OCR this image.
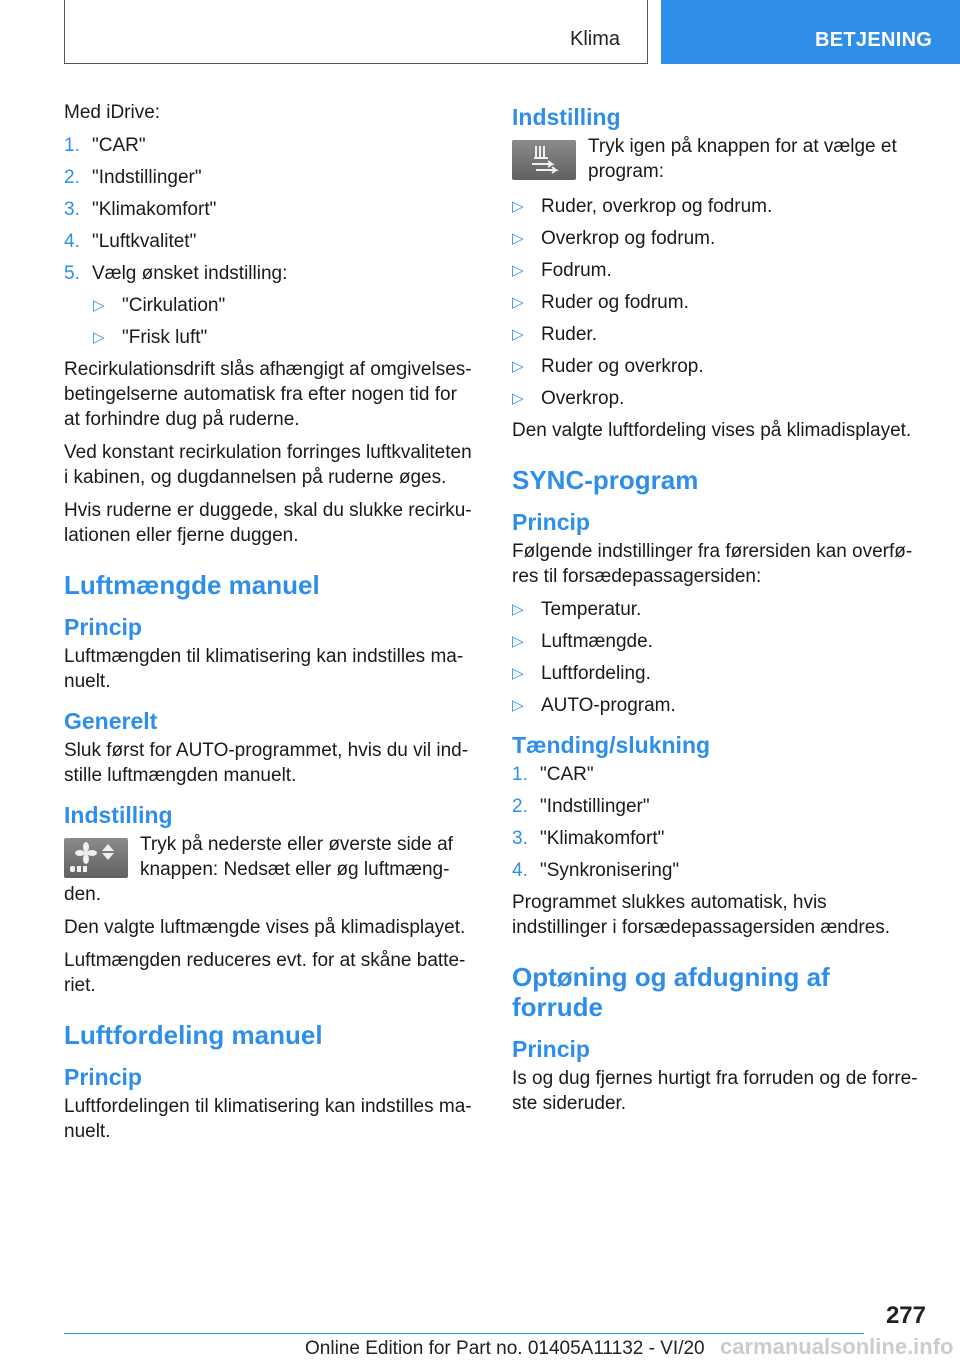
Klima	BETJENING

Med iDrive:

1. "CAR"
2. "Indstillinger"
3. "Klimakomfort"
4. "Luftkvalitet"
5. Vælg ønsket indstilling:
▷ "Cirkulation"
▷ "Frisk luft"

Recirkulationsdrift slås afhængigt af omgivelses-betingelserne automatisk fra efter nogen tid for at forhindre dug på ruderne.

Ved konstant recirkulation forringes luftkvaliteten i kabinen, og dugdannelsen på ruderne øges.

Hvis ruderne er duggede, skal du slukke recirku-lationen eller fjerne duggen.

Luftmængde manuel
Princip

Luftmængden til klimatisering kan indstilles ma-nuelt.

Generelt

Sluk først for AUTO-programmet, hvis du vil ind-stille luftmængden manuelt.

Indstilling
Tryk på nederste eller øverste side af knappen: Nedsæt eller øg luftmæng-
den.

Den valgte luftmængde vises på klimadisplayet.

Luftmængden reduceres evt. for at skåne batte-riet.

Luftfordeling manuel
Princip

Luftfordelingen til klimatisering kan indstilles ma-nuelt.

Indstilling
Tryk igen på knappen for at vælge et program:
▷ Ruder, overkrop og fodrum.
▷ Overkrop og fodrum.
▷ Fodrum.
▷ Ruder og fodrum.
▷ Ruder.
▷ Ruder og overkrop.
▷ Overkrop.

Den valgte luftfordeling vises på klimadisplayet.

SYNC-program
Princip

Følgende indstillinger fra førersiden kan overfø-res til forsædepassagersiden:

▷ Temperatur.
▷ Luftmængde.
▷ Luftfordeling.
▷ AUTO-program.
Tænding/slukning
1. "CAR"
2. "Indstillinger"
3. "Klimakomfort"
4. "Synkronisering"

Programmet slukkes automatisk, hvis indstillinger i forsædepassagersiden ændres.

Optøning og afdugning af forrude
Princip

Is og dug fjernes hurtigt fra forruden og de forre-ste sideruder.

277
carmanualsonline.info
Online Edition for Part no. 01405A11132 - VI/20
